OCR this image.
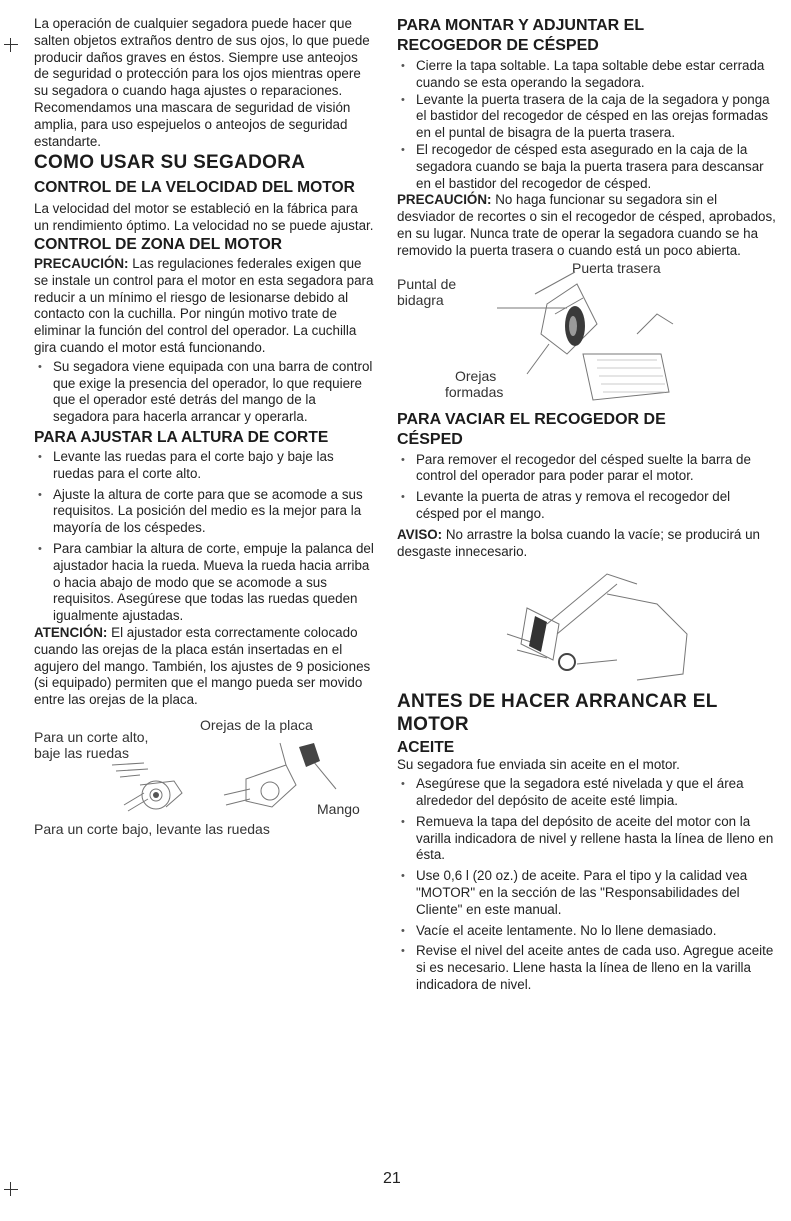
La operación de cualquier segadora puede hacer que salten objetos extraños dentro de sus ojos, lo que puede producir daños graves en éstos. Siempre use anteojos de seguridad o protección para los ojos mientras opere su segadora o cuando haga ajustes o reparaciones. Recomendamos una mascara de seguridad de visión amplia, para uso espejuelos o anteojos de seguridad estandarte.

COMO USAR SU SEGADORA
CONTROL DE LA VELOCIDAD DEL MOTOR

La velocidad del motor se estableció en la fábrica para un rendimiento óptimo. La velocidad no se puede ajustar.

CONTROL DE ZONA DEL MOTOR

PRECAUCIÓN: Las regulaciones federales exigen que se instale un control para el motor en esta segadora para reducir a un mínimo el riesgo de lesionarse debido al contacto con la cuchilla. Por ningún motivo trate de eliminar la función del control del operador. La cuchilla gira cuando el motor está funcionando.

• Su segadora viene equipada con una barra de control que exige la presencia del operador, lo que requiere que el operador esté detrás del mango de la segadora para hacerla arrancar y operarla.
PARA AJUSTAR LA ALTURA DE CORTE
• Levante las ruedas para el corte bajo y baje las ruedas para el corte alto.
• Ajuste la altura de corte para que se acomode a sus requisitos. La posición del medio es la mejor para la mayoría de los céspedes.
• Para cambiar la altura de corte, empuje la palanca del ajustador hacia la rueda. Mueva la rueda hacia arriba o hacia abajo de modo que se acomode a sus requisitos. Asegúrese que todas las ruedas queden igualmente ajustadas.

ATENCIÓN: El ajustador esta correctamente colocado cuando las orejas de la placa están insertadas en el agujero del mango. También, los ajustes de 9 posiciones (si equipado) permiten que el mango pueda ser movido entre las orejas de la placa.

Para un corte alto,
baje las ruedas
Orejas de la placa
Mango
Para un corte bajo, levante las ruedas
PARA MONTAR Y ADJUNTAR EL RECOGEDOR DE CÉSPED
• Cierre la tapa soltable. La tapa soltable debe estar cerrada cuando se esta operando la segadora.
• Levante la puerta trasera de la caja de la segadora y ponga el bastidor del recogedor de césped en las orejas formadas en el puntal de bisagra de la puerta trasera.
• El recogedor de césped esta asegurado en la caja de la segadora cuando se baja la puerta trasera para descansar en el bastidor del recogedor de césped.

PRECAUCIÓN: No haga funcionar su segadora sin el desviador de recortes o sin el recogedor de césped, aprobados, en su lugar. Nunca trate de operar la segadora cuando se ha removido la puerta trasera o cuando está un poco abierta.

Puerta trasera
Puntal de
bidagra
Orejas
formadas
PARA VACIAR EL RECOGEDOR DE CÉSPED
• Para remover el recogedor del césped suelte la barra de control del operador para poder parar el motor.
• Levante la puerta de atras y remova el recogedor del césped por el mango.

AVISO: No arrastre la bolsa cuando la vacíe; se producirá un desgaste innecesario.

ANTES DE HACER ARRANCAR EL MOTOR
ACEITE

Su segadora fue enviada sin aceite en el motor.

• Asegúrese que la segadora esté nivelada y que el área alrededor del depósito de aceite esté limpia.
• Remueva la tapa del depósito de aceite del motor con la varilla indicadora de nivel y rellene hasta la línea de lleno en ésta.
• Use 0,6 l (20 oz.) de aceite. Para el tipo y la calidad vea "MOTOR" en la sección de las "Responsabilidades del Cliente" en este manual.
• Vacíe el aceite lentamente. No lo llene demasiado.
• Revise el nivel del aceite antes de cada uso. Agregue aceite si es necesario. Llene hasta la línea de lleno en la varilla indicadora de nivel.
21
